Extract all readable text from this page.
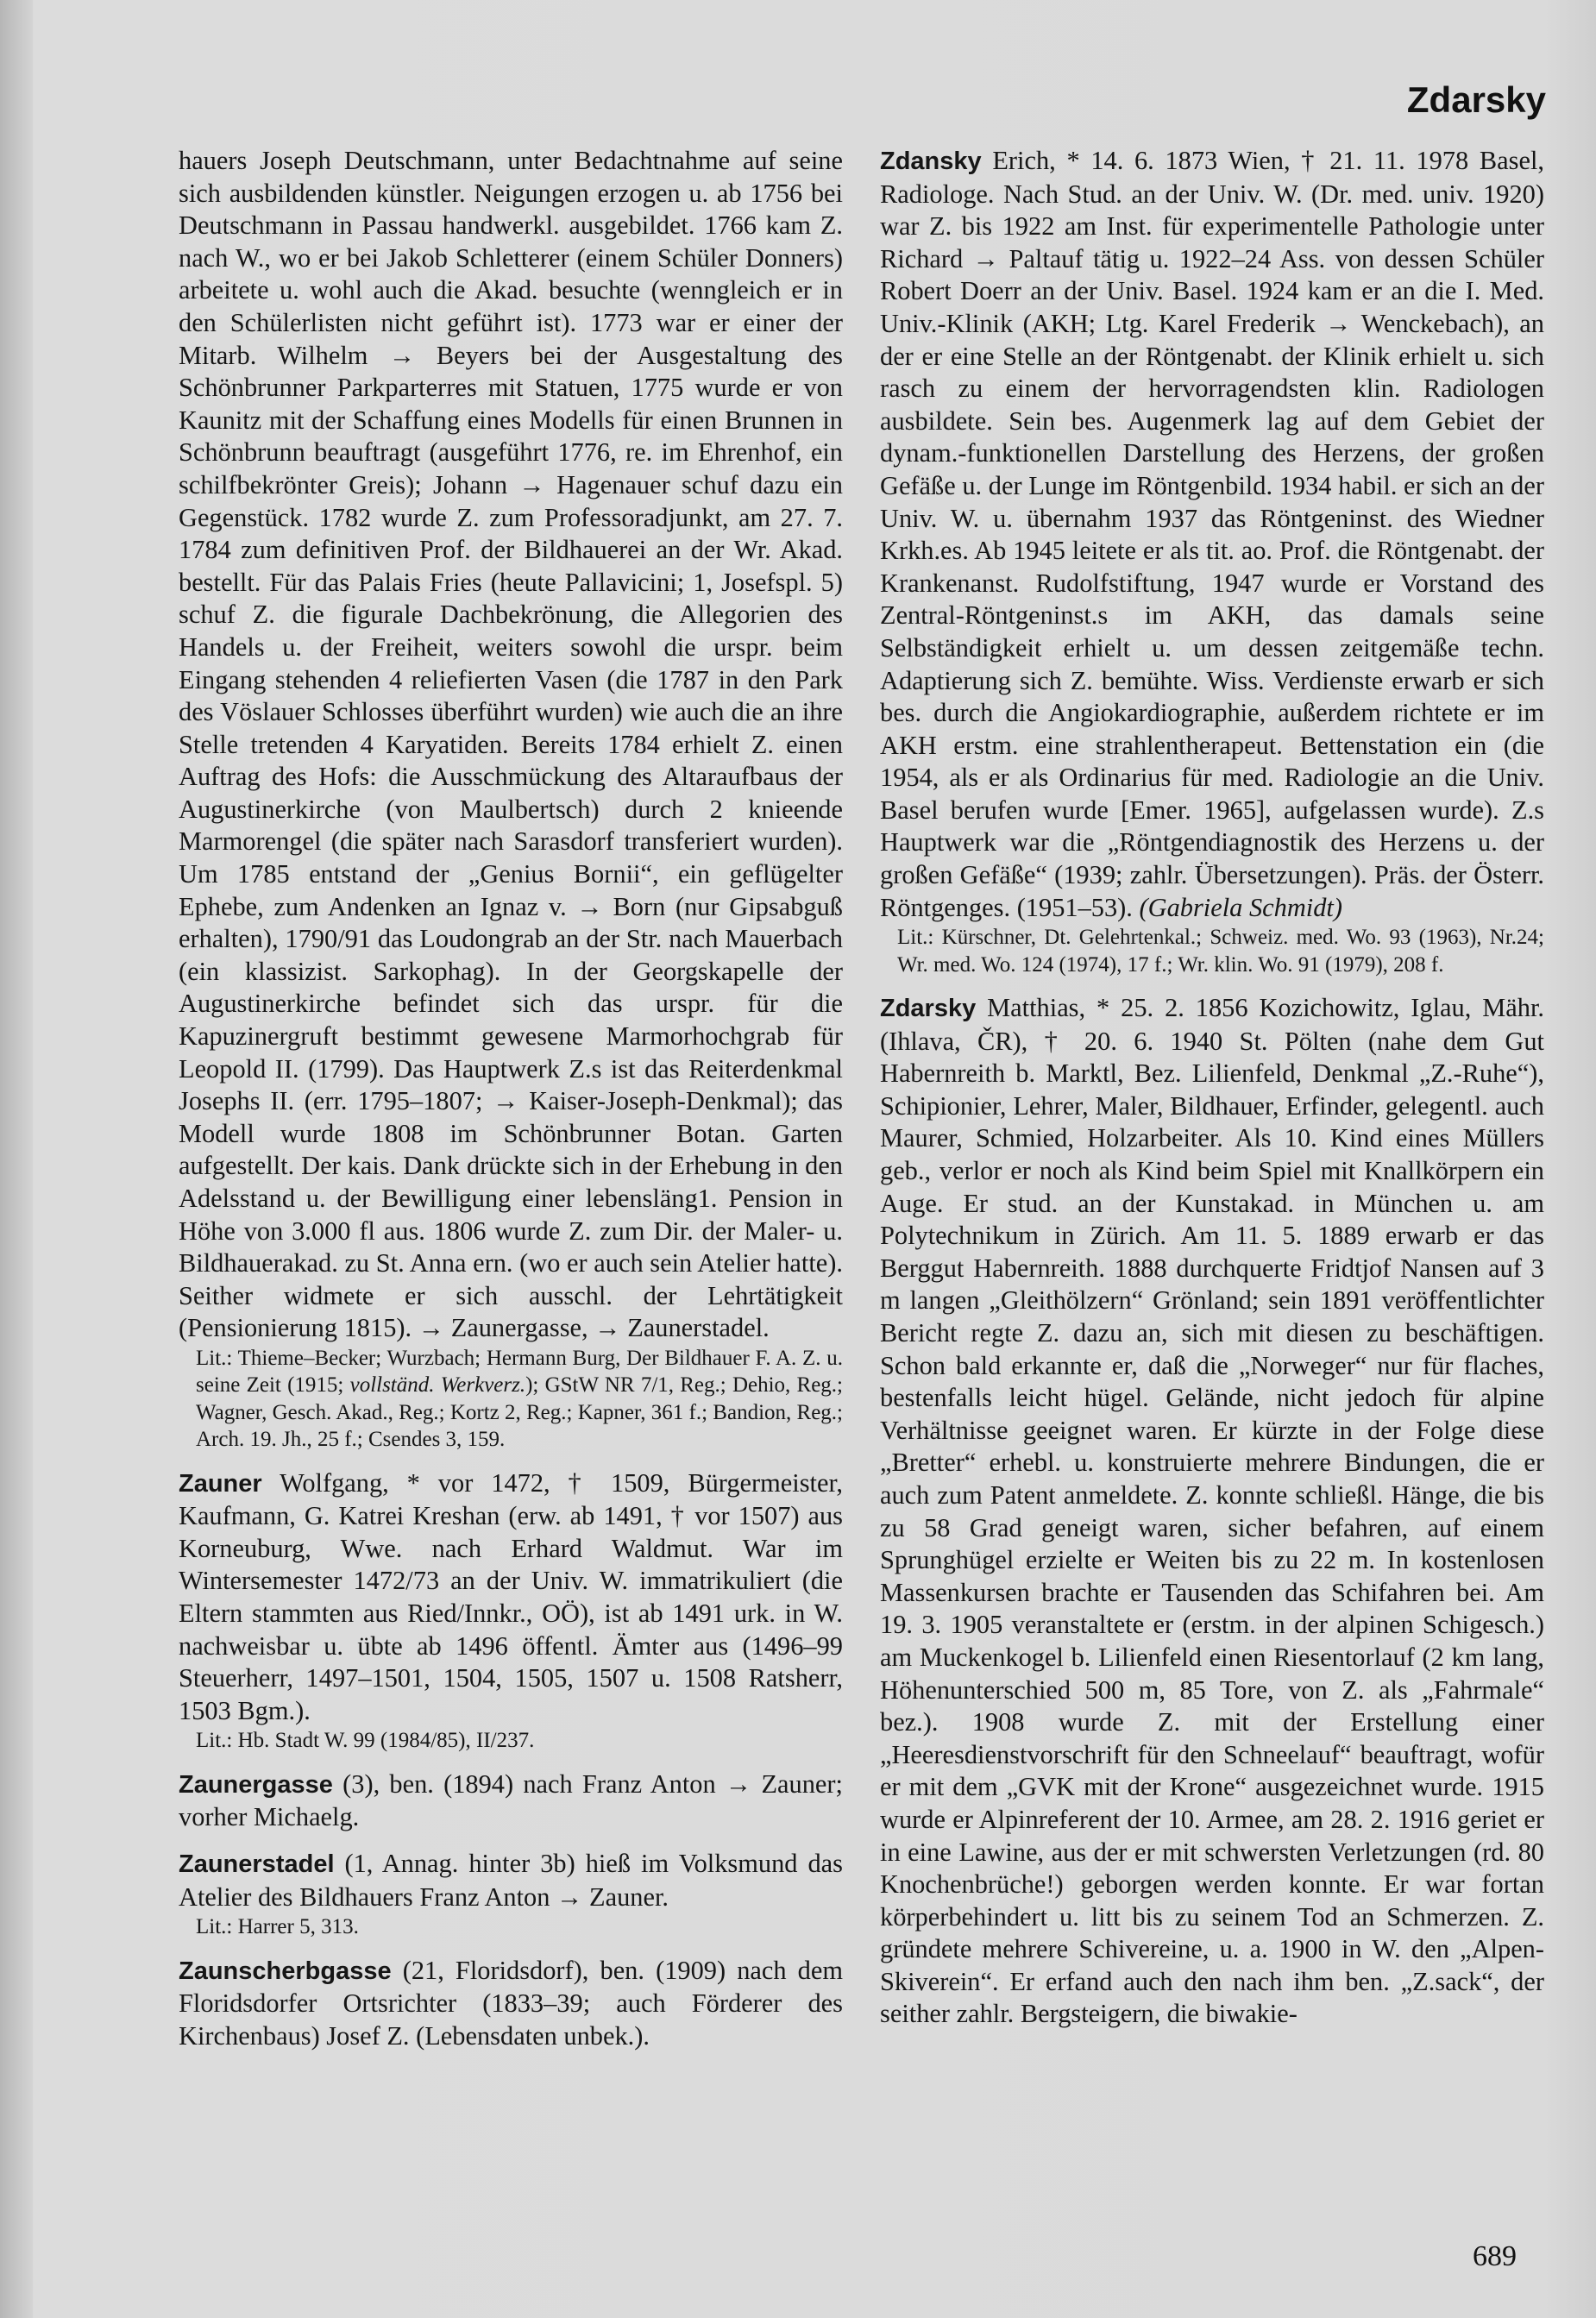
Zdarsky

hauers Joseph Deutschmann, unter Bedachtnahme auf seine sich ausbildenden künstler. Neigungen erzogen u. ab 1756 bei Deutschmann in Passau handwerkl. ausgebildet. 1766 kam Z. nach W., wo er bei Jakob Schletterer (einem Schüler Donners) arbeitete u. wohl auch die Akad. besuchte (wenngleich er in den Schülerlisten nicht geführt ist). 1773 war er einer der Mitarb. Wilhelm → Beyers bei der Ausgestaltung des Schönbrunner Parkparterres mit Statuen, 1775 wurde er von Kaunitz mit der Schaffung eines Modells für einen Brunnen in Schönbrunn beauftragt (ausgeführt 1776, re. im Ehrenhof, ein schilfbekrönter Greis); Johann → Hagenauer schuf dazu ein Gegenstück. 1782 wurde Z. zum Professoradjunkt, am 27. 7. 1784 zum definitiven Prof. der Bildhauerei an der Wr. Akad. bestellt. Für das Palais Fries (heute Pallavicini; 1, Josefspl. 5) schuf Z. die figurale Dachbekrönung, die Allegorien des Handels u. der Freiheit, weiters sowohl die urspr. beim Eingang stehenden 4 reliefierten Vasen (die 1787 in den Park des Vöslauer Schlosses überführt wurden) wie auch die an ihre Stelle tretenden 4 Karyatiden. Bereits 1784 erhielt Z. einen Auftrag des Hofs: die Ausschmückung des Altaraufbaus der Augustinerkirche (von Maulbertsch) durch 2 knieende Marmorengel (die später nach Sarasdorf transferiert wurden). Um 1785 entstand der „Genius Bornii“, ein geflügelter Ephebe, zum Andenken an Ignaz v. → Born (nur Gipsabguß erhalten), 1790/91 das Loudongrab an der Str. nach Mauerbach (ein klassizist. Sarkophag). In der Georgskapelle der Augustinerkirche befindet sich das urspr. für die Kapuzinergruft bestimmt gewesene Marmorhochgrab für Leopold II. (1799). Das Hauptwerk Z.s ist das Reiterdenkmal Josephs II. (err. 1795–1807; → Kaiser-Joseph-Denkmal); das Modell wurde 1808 im Schönbrunner Botan. Garten aufgestellt. Der kais. Dank drückte sich in der Erhebung in den Adelsstand u. der Bewilligung einer lebensläng1. Pension in Höhe von 3.000 fl aus. 1806 wurde Z. zum Dir. der Maler- u. Bildhauerakad. zu St. Anna ern. (wo er auch sein Atelier hatte). Seither widmete er sich ausschl. der Lehrtätigkeit (Pensionierung 1815). → Zaunergasse, → Zaunerstadel.

Lit.: Thieme–Becker; Wurzbach; Hermann Burg, Der Bildhauer F. A. Z. u. seine Zeit (1915; vollständ. Werkverz.); GStW NR 7/1, Reg.; Dehio, Reg.; Wagner, Gesch. Akad., Reg.; Kortz 2, Reg.; Kapner, 361 f.; Bandion, Reg.; Arch. 19. Jh., 25 f.; Csendes 3, 159.

Zauner Wolfgang, * vor 1472, † 1509, Bürgermeister, Kaufmann, G. Katrei Kreshan (erw. ab 1491, † vor 1507) aus Korneuburg, Wwe. nach Erhard Waldmut. War im Wintersemester 1472/73 an der Univ. W. immatrikuliert (die Eltern stammten aus Ried/Innkr., OÖ), ist ab 1491 urk. in W. nachweisbar u. übte ab 1496 öffentl. Ämter aus (1496–99 Steuerherr, 1497–1501, 1504, 1505, 1507 u. 1508 Ratsherr, 1503 Bgm.).

Lit.: Hb. Stadt W. 99 (1984/85), II/237.

Zaunergasse (3), ben. (1894) nach Franz Anton → Zauner; vorher Michaelg.

Zaunerstadel (1, Annag. hinter 3b) hieß im Volksmund das Atelier des Bildhauers Franz Anton → Zauner.

Lit.: Harrer 5, 313.

Zaunscherbgasse (21, Floridsdorf), ben. (1909) nach dem Floridsdorfer Ortsrichter (1833–39; auch Förderer des Kirchenbaus) Josef Z. (Lebensdaten unbek.).

Zdansky Erich, * 14. 6. 1873 Wien, † 21. 11. 1978 Basel, Radiologe. Nach Stud. an der Univ. W. (Dr. med. univ. 1920) war Z. bis 1922 am Inst. für experimentelle Pathologie unter Richard → Paltauf tätig u. 1922–24 Ass. von dessen Schüler Robert Doerr an der Univ. Basel. 1924 kam er an die I. Med. Univ.-Klinik (AKH; Ltg. Karel Frederik → Wenckebach), an der er eine Stelle an der Röntgenabt. der Klinik erhielt u. sich rasch zu einem der hervorragendsten klin. Radiologen ausbildete. Sein bes. Augenmerk lag auf dem Gebiet der dynam.-funktionellen Darstellung des Herzens, der großen Gefäße u. der Lunge im Röntgenbild. 1934 habil. er sich an der Univ. W. u. übernahm 1937 das Röntgeninst. des Wiedner Krkh.es. Ab 1945 leitete er als tit. ao. Prof. die Röntgenabt. der Krankenanst. Rudolfstiftung, 1947 wurde er Vorstand des Zentral-Röntgeninst.s im AKH, das damals seine Selbständigkeit erhielt u. um dessen zeitgemäße techn. Adaptierung sich Z. bemühte. Wiss. Verdienste erwarb er sich bes. durch die Angiokardiographie, außerdem richtete er im AKH erstm. eine strahlentherapeut. Bettenstation ein (die 1954, als er als Ordinarius für med. Radiologie an die Univ. Basel berufen wurde [Emer. 1965], aufgelassen wurde). Z.s Hauptwerk war die „Röntgendiagnostik des Herzens u. der großen Gefäße“ (1939; zahlr. Übersetzungen). Präs. der Österr. Röntgenges. (1951–53). (Gabriela Schmidt)

Lit.: Kürschner, Dt. Gelehrtenkal.; Schweiz. med. Wo. 93 (1963), Nr.24; Wr. med. Wo. 124 (1974), 17 f.; Wr. klin. Wo. 91 (1979), 208 f.

Zdarsky Matthias, * 25. 2. 1856 Kozichowitz, Iglau, Mähr. (Ihlava, ČR), † 20. 6. 1940 St. Pölten (nahe dem Gut Habernreith b. Marktl, Bez. Lilienfeld, Denkmal „Z.-Ruhe“), Schipionier, Lehrer, Maler, Bildhauer, Erfinder, gelegentl. auch Maurer, Schmied, Holzarbeiter. Als 10. Kind eines Müllers geb., verlor er noch als Kind beim Spiel mit Knallkörpern ein Auge. Er stud. an der Kunstakad. in München u. am Polytechnikum in Zürich. Am 11. 5. 1889 erwarb er das Berggut Habernreith. 1888 durchquerte Fridtjof Nansen auf 3 m langen „Gleithölzern“ Grönland; sein 1891 veröffentlichter Bericht regte Z. dazu an, sich mit diesen zu beschäftigen. Schon bald erkannte er, daß die „Norweger“ nur für flaches, bestenfalls leicht hügel. Gelände, nicht jedoch für alpine Verhältnisse geeignet waren. Er kürzte in der Folge diese „Bretter“ erhebl. u. konstruierte mehrere Bindungen, die er auch zum Patent anmeldete. Z. konnte schließl. Hänge, die bis zu 58 Grad geneigt waren, sicher befahren, auf einem Sprunghügel erzielte er Weiten bis zu 22 m. In kostenlosen Massenkursen brachte er Tausenden das Schifahren bei. Am 19. 3. 1905 veranstaltete er (erstm. in der alpinen Schigesch.) am Muckenkogel b. Lilienfeld einen Riesentorlauf (2 km lang, Höhenunterschied 500 m, 85 Tore, von Z. als „Fahrmale“ bez.). 1908 wurde Z. mit der Erstellung einer „Heeresdienstvorschrift für den Schneelauf“ beauftragt, wofür er mit dem „GVK mit der Krone“ ausgezeichnet wurde. 1915 wurde er Alpinreferent der 10. Armee, am 28. 2. 1916 geriet er in eine Lawine, aus der er mit schwersten Verletzungen (rd. 80 Knochenbrüche!) geborgen werden konnte. Er war fortan körperbehindert u. litt bis zu seinem Tod an Schmerzen. Z. gründete mehrere Schivereine, u. a. 1900 in W. den „Alpen-Skiverein“. Er erfand auch den nach ihm ben. „Z.sack“, der seither zahlr. Bergsteigern, die biwakie-

689
